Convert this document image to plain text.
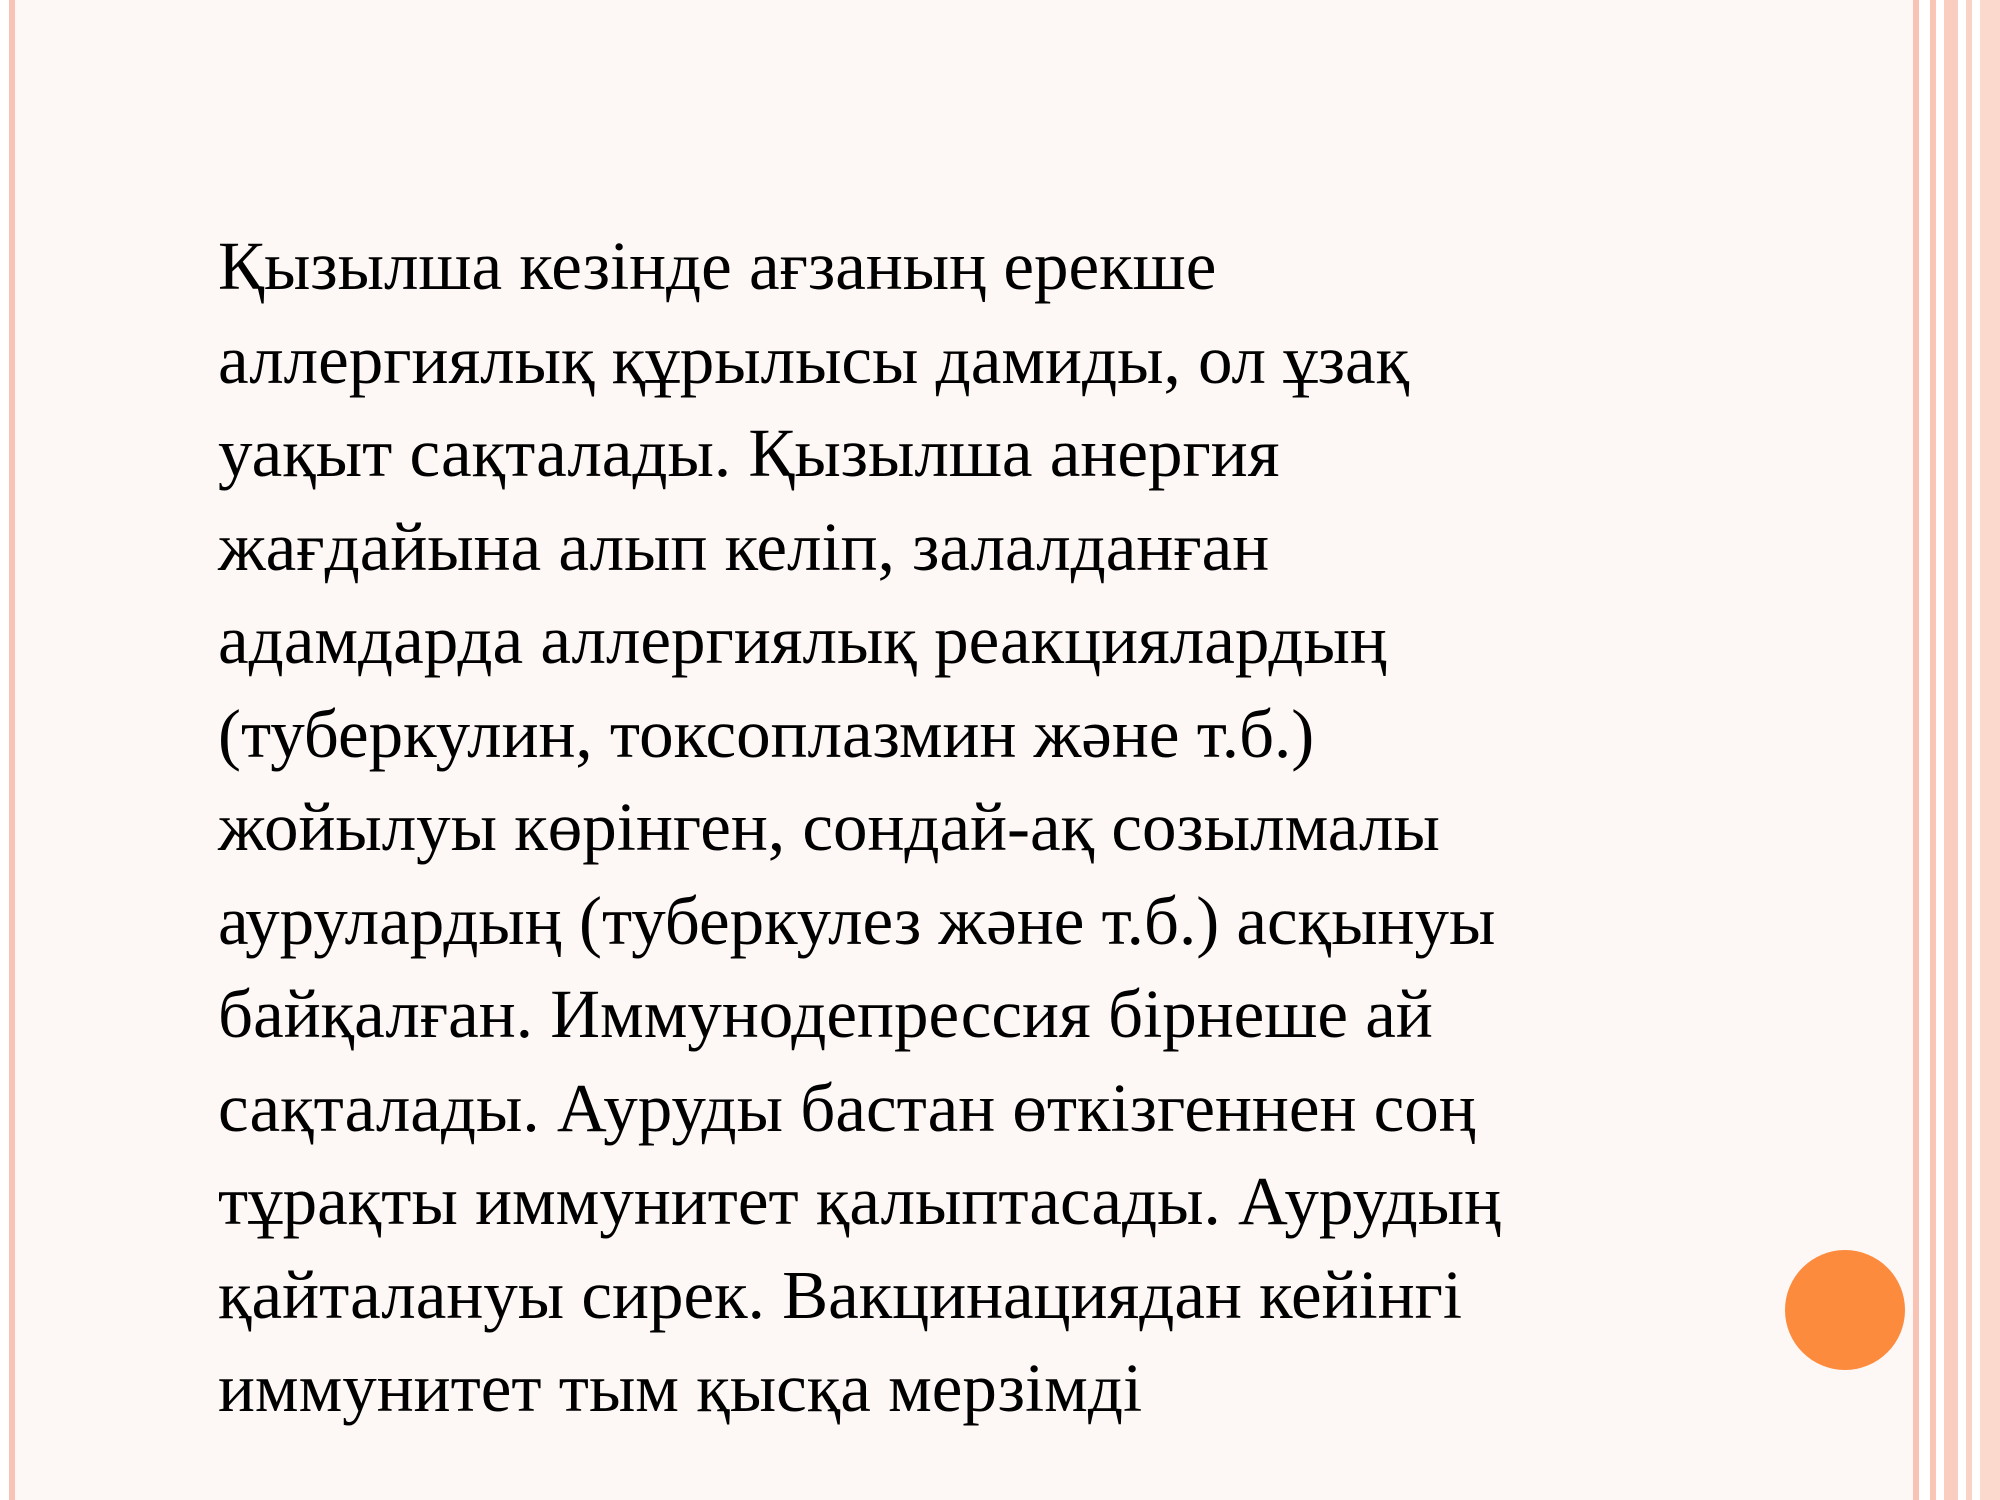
Қызылша кезінде ағзаның ерекше
аллергиялық құрылысы дамиды, ол ұзақ
уақыт сақталады. Қызылша анергия
жағдайына алып келіп, залалданған
адамдарда аллергиялық реакциялардың
(туберкулин, токсоплазмин және т.б.)
жойылуы көрінген, сондай-ақ созылмалы
аурулардың (туберкулез және т.б.) асқынуы
байқалған. Иммунодепрессия бірнеше ай
сақталады. Ауруды бастан өткізгеннен соң
тұрақты иммунитет қалыптасады. Аурудың
қайталануы сирек. Вакцинациядан кейінгі
иммунитет тым қысқа мерзімді
